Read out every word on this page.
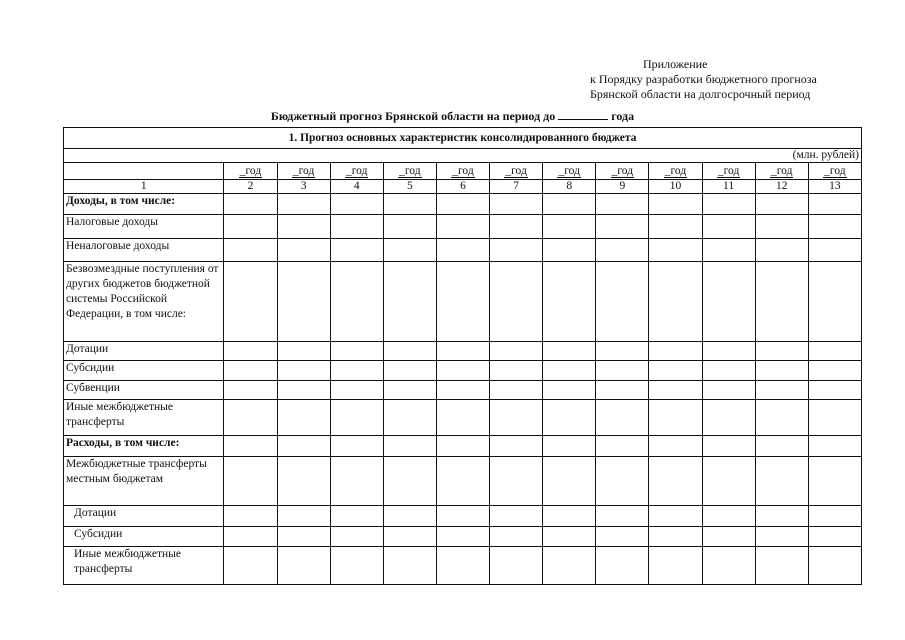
Приложение
к Порядку разработки бюджетного прогноза
Брянской области на долгосрочный период
Бюджетный прогноз Брянской области на период до	года
1. Прогноз основных характеристик консолидированного бюджета												
(млн. рублей)												
	_год	_год	_год	_год	_год	_год	_год	_год	_год	_год	_год	_год
1	2	3	4	5	6	7	8	9	10	11	12	13
Доходы, в том числе:												
Налоговые доходы												
Неналоговые доходы												
Безвозмездные поступления от других бюджетов бюджетной системы Российской Федерации, в том числе:												
Дотации												
Субсидии												
Субвенции												
Иные межбюджетные трансферты												
Расходы, в том числе:												
Межбюджетные трансферты местным бюджетам												
Дотации												
Субсидии												
Иные межбюджетные трансферты												
